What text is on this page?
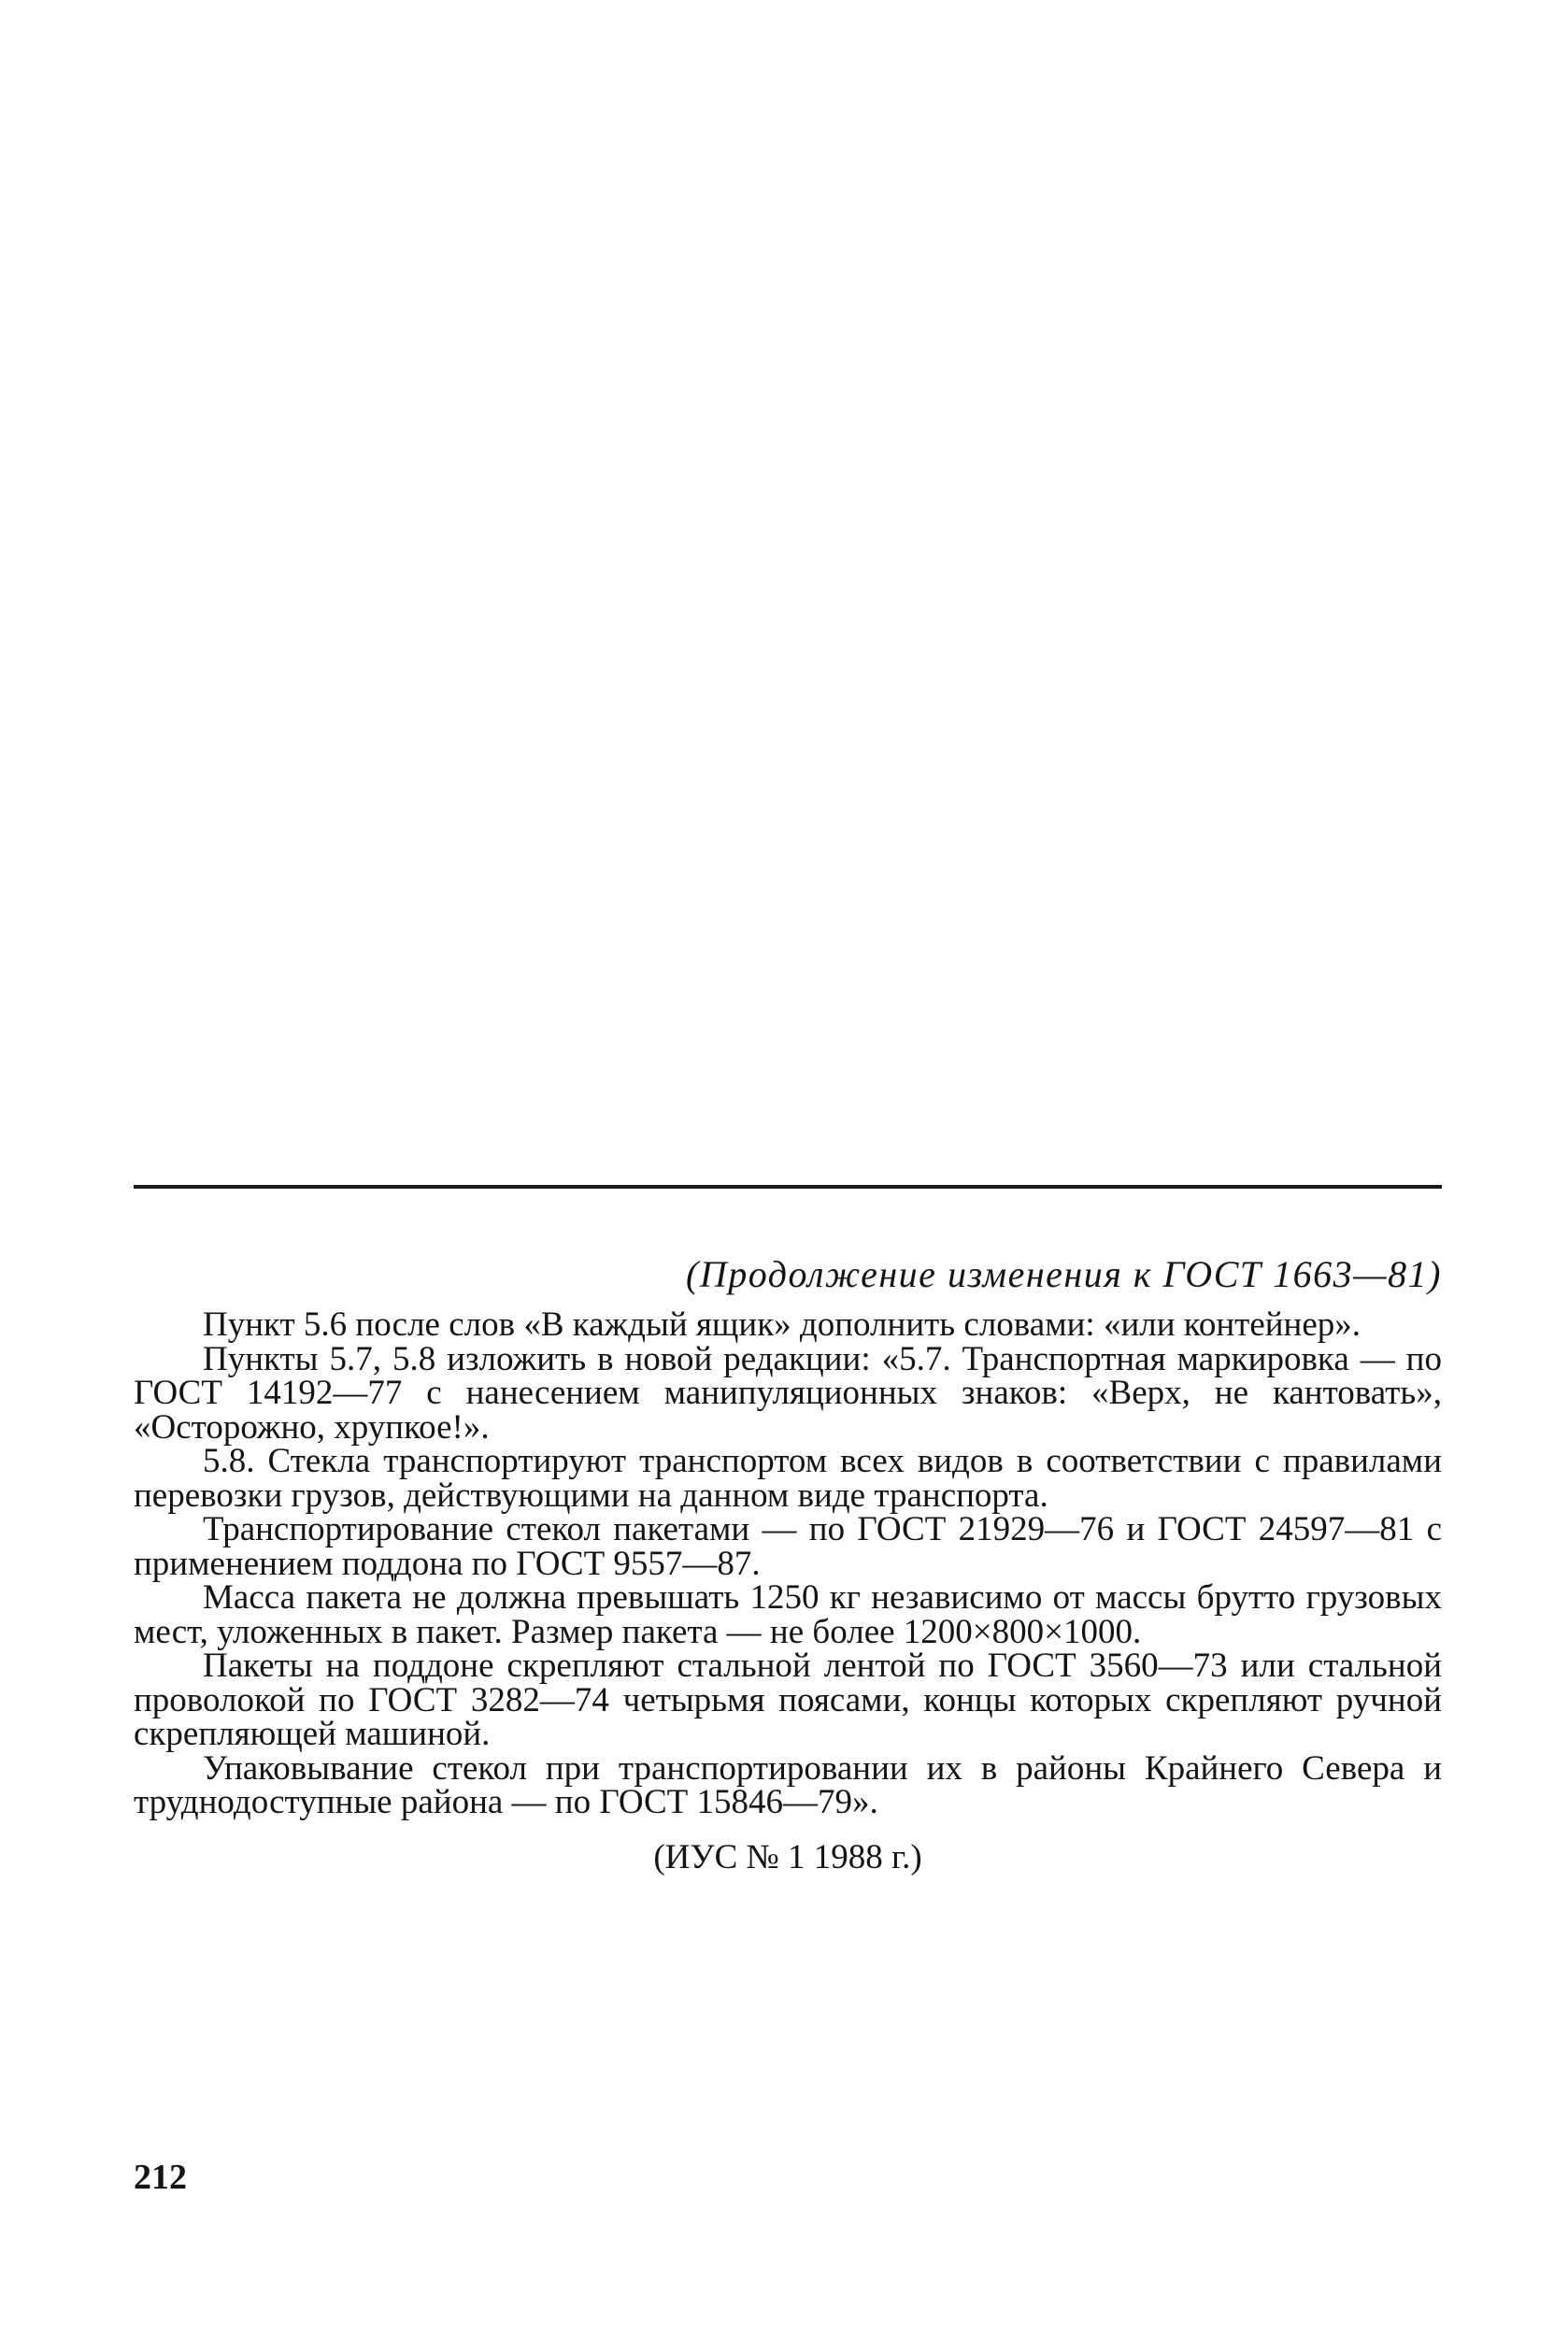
(Продолжение изменения к ГОСТ 1663—81)

Пункт 5.6 после слов «В каждый ящик» дополнить словами: «или контейнер».

Пункты 5.7, 5.8 изложить в новой редакции: «5.7. Транспортная маркировка — по ГОСТ 14192—77 с нанесением манипуляционных знаков: «Верх, не кантовать», «Осторожно, хрупкое!».

5.8. Стекла транспортируют транспортом всех видов в соответствии с правилами перевозки грузов, действующими на данном виде транспорта.

Транспортирование стекол пакетами — по ГОСТ 21929—76 и ГОСТ 24597—81 с применением поддона по ГОСТ 9557—87.

Масса пакета не должна превышать 1250 кг независимо от массы брутто грузовых мест, уложенных в пакет. Размер пакета — не более 1200×800×1000.

Пакеты на поддоне скрепляют стальной лентой по ГОСТ 3560—73 или стальной проволокой по ГОСТ 3282—74 четырьмя поясами, концы которых скрепляют ручной скрепляющей машиной.

Упаковывание стекол при транспортировании их в районы Крайнего Севера и труднодоступные района — по ГОСТ 15846—79».

(ИУС № 1 1988 г.)
212
